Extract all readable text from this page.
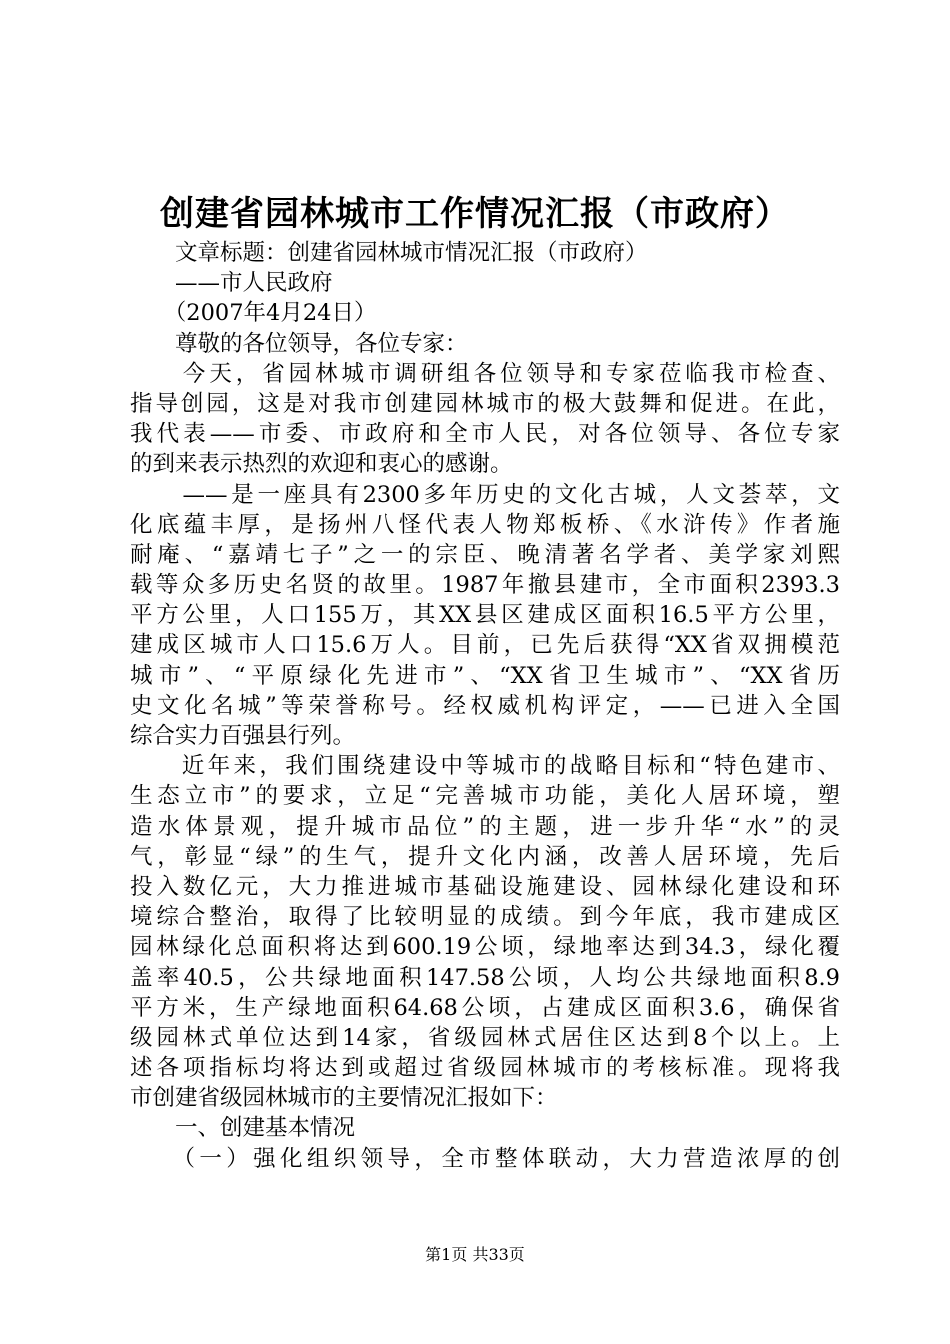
创建省园林城市工作情况汇报（市政府）
　　文章标题：创建省园林城市情况汇报（市政府）
　　——市人民政府
　　（2007年4月24日）
　　尊敬的各位领导，各位专家：
　　今天，省园林城市调研组各位领导和专家莅临我市检查、
指导创园，这是对我市创建园林城市的极大鼓舞和促进。在此，
我代表——市委、市政府和全市人民，对各位领导、各位专家
的到来表示热烈的欢迎和衷心的感谢。
　　——是一座具有2300多年历史的文化古城，人文荟萃，文
化底蕴丰厚，是扬州八怪代表人物郑板桥、《水浒传》作者施
耐庵、“嘉靖七子”之一的宗臣、晚清著名学者、美学家刘熙
载等众多历史名贤的故里。1987年撤县建市，全市面积2393.3
平方公里，人口155万，其XX县区建成区面积16.5平方公里，
建成区城市人口15.6万人。目前，已先后获得“XX省双拥模范
城市”、“平原绿化先进市”、“XX省卫生城市”、“XX省历
史文化名城”等荣誉称号。经权威机构评定，——已进入全国
综合实力百强县行列。
　　近年来，我们围绕建设中等城市的战略目标和“特色建市、
生态立市”的要求，立足“完善城市功能，美化人居环境，塑
造水体景观，提升城市品位”的主题，进一步升华“水”的灵
气，彰显“绿”的生气，提升文化内涵，改善人居环境，先后
投入数亿元，大力推进城市基础设施建设、园林绿化建设和环
境综合整治，取得了比较明显的成绩。到今年底，我市建成区
园林绿化总面积将达到600.19公顷，绿地率达到34.3，绿化覆
盖率40.5，公共绿地面积147.58公顷，人均公共绿地面积8.9
平方米，生产绿地面积64.68公顷，占建成区面积3.6，确保省
级园林式单位达到14家，省级园林式居住区达到8个以上。上
述各项指标均将达到或超过省级园林城市的考核标准。现将我
市创建省级园林城市的主要情况汇报如下：
　　一、创建基本情况
　　（一）强化组织领导，全市整体联动，大力营造浓厚的创
第1页 共33页
